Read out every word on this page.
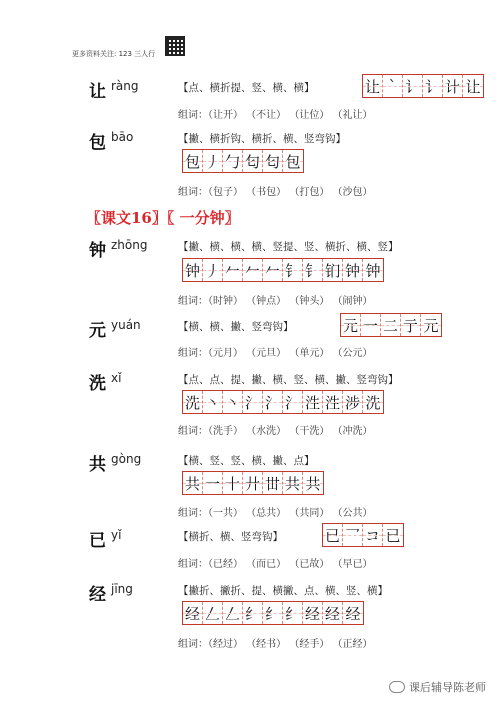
更多资料关注: 123 三人行
让 ràng	【点、横折提、竖、横、横】	让 ` 讠 讠 计 让
组词：（让开） （不让） （让位） （礼让）
包 bāo	【撇、横折钩、横折、横、竖弯钩】
包 丿 勹 匂 匂 包
组词：（包子） （书包） （打包） （沙包）
钟 zhōng	【撇、横、横、横、竖提、竖、横折、横、竖】
钟 丿 𠂉 𠂉 𠂉 钅 钅 钔 钟 钟
组词：（时钟） （钟点） （钟头） （闹钟）
元 yuán	【横、横、撇、竖弯钩】	元 一 二 亍 元
组词：（元月） （元旦） （单元） （公元）
洗 xǐ	【点、点、提、撇、横、竖、横、撇、竖弯钩】
洗 丶 丶 氵 氵 氵 泩 泩 涉 洗
组词：（洗手） （水洗） （干洗） （冲洗）
共 gòng	【横、竖、竖、横、撇、点】
共 一 十 廾 丗 共 共
组词：（一共） （总共） （共同） （公共）
已 yǐ	【横折、横、竖弯钩】	已 乛 コ 已
组词：（已经） （而已） （已故） （早已）
经 jīng	【撇折、撇折、提、横撇、点、横、竖、横】
经 𠃋 𠃋 纟 纟 纟 经 经 经
组词：（经过） （经书） （经手） （正经）
〖课文16〗〖 一分钟〗
课后辅导陈老师
